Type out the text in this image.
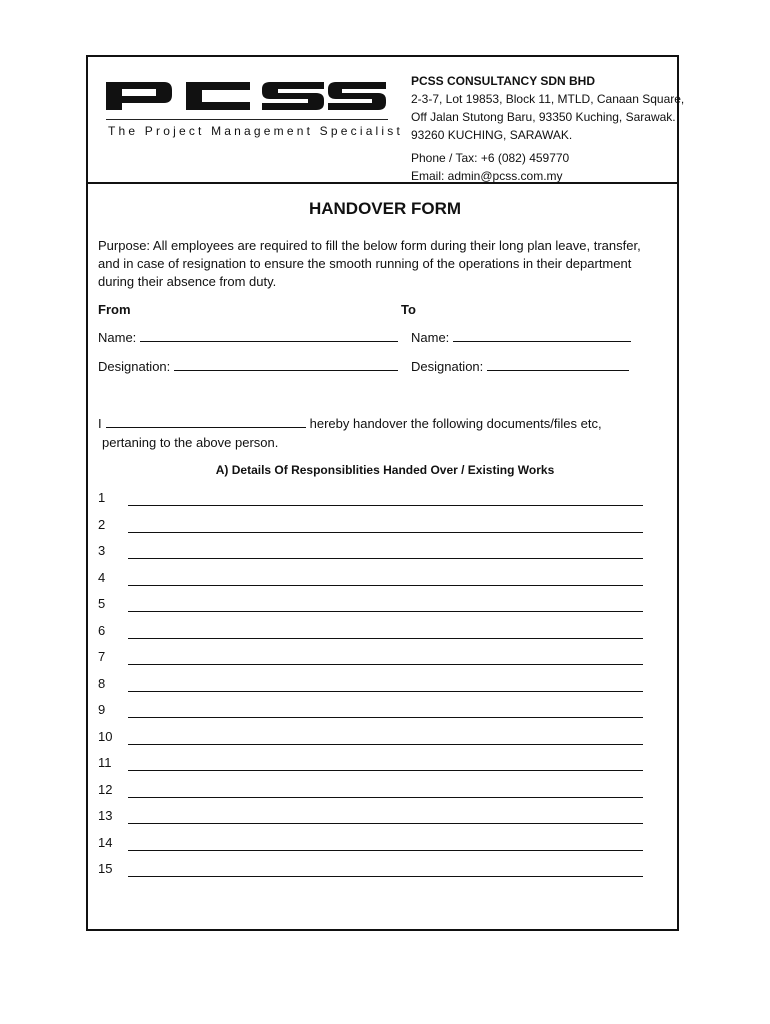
The Project Management Specialist
PCSS CONSULTANCY SDN BHD
2-3-7, Lot 19853, Block 11, MTLD, Canaan Square,
Off Jalan Stutong Baru, 93350 Kuching, Sarawak.
93260 KUCHING, SARAWAK.
Phone / Tax: +6 (082) 459770
Email: admin@pcss.com.my
HANDOVER FORM
Purpose: All employees are required to fill the below form during their long plan leave, transfer,
and in case of resignation to ensure the smooth running of the operations in their department
during their absence from duty.
From	To
Name:	Name:
Designation:	Designation:
I	hereby handover the following documents/files etc,
pertaning to the above person.
A) Details Of Responsiblities Handed Over / Existing Works
1
2
3
4
5
6
7
8
9
10
11
12
13
14
15
